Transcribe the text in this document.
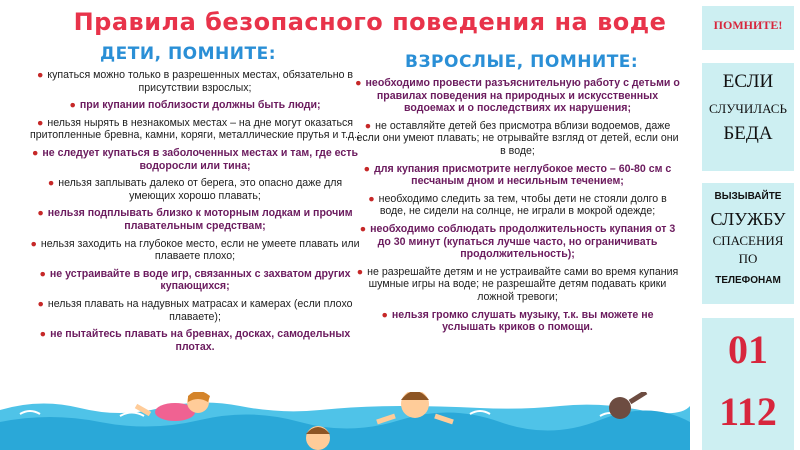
Правила безопасного поведения на воде
ДЕТИ, ПОМНИТЕ:
● купаться можно только в разрешенных местах, обязательно в присутствии взрослых;
● при купании поблизости должны быть люди;
● нельзя нырять в незнакомых местах – на дне могут оказаться притопленные бревна, камни, коряги, металлические прутья и т.д.;
● не следует купаться в заболоченных местах и там, где есть водоросли или тина;
● нельзя заплывать далеко от берега, это опасно даже для умеющих хорошо плавать;
● нельзя подплывать близко к моторным лодкам и прочим плавательным средствам;
● нельзя заходить на глубокое место, если не умеете плавать или плаваете плохо;
● не устраивайте в воде игр, связанных с захватом других купающихся;
● нельзя плавать на надувных матрасах и камерах (если плохо плаваете);
● не пытайтесь плавать на бревнах, досках, самодельных плотах.
ВЗРОСЛЫЕ, ПОМНИТЕ:
● необходимо провести разъяснительную работу с детьми о правилах поведения на природных и искусственных водоемах и о последствиях их нарушения;
● не оставляйте детей без присмотра вблизи водоемов, даже если они умеют плавать; не отрывайте взгляд от детей, если они в воде;
● для купания присмотрите неглубокое место – 60-80 см с песчаным дном и несильным течением;
● необходимо следить за тем, чтобы дети не стояли долго в воде, не сидели на солнце, не играли в мокрой одежде;
● необходимо соблюдать продолжительность купания от 3 до 30 минут (купаться лучше часто, но ограничивать продолжительность);
● не разрешайте детям и не устраивайте сами во время купания шумные игры на воде; не разрешайте детям подавать крики ложной тревоги;
● нельзя громко слушать музыку, т.к. вы можете не услышать криков о помощи.
ПОМНИТЕ!
ЕСЛИ
СЛУЧИЛАСЬ
БЕДА
ВЫЗЫВАЙТЕ
СЛУЖБУ
СПАСЕНИЯ
ПО
ТЕЛЕФОНАМ
01
112
